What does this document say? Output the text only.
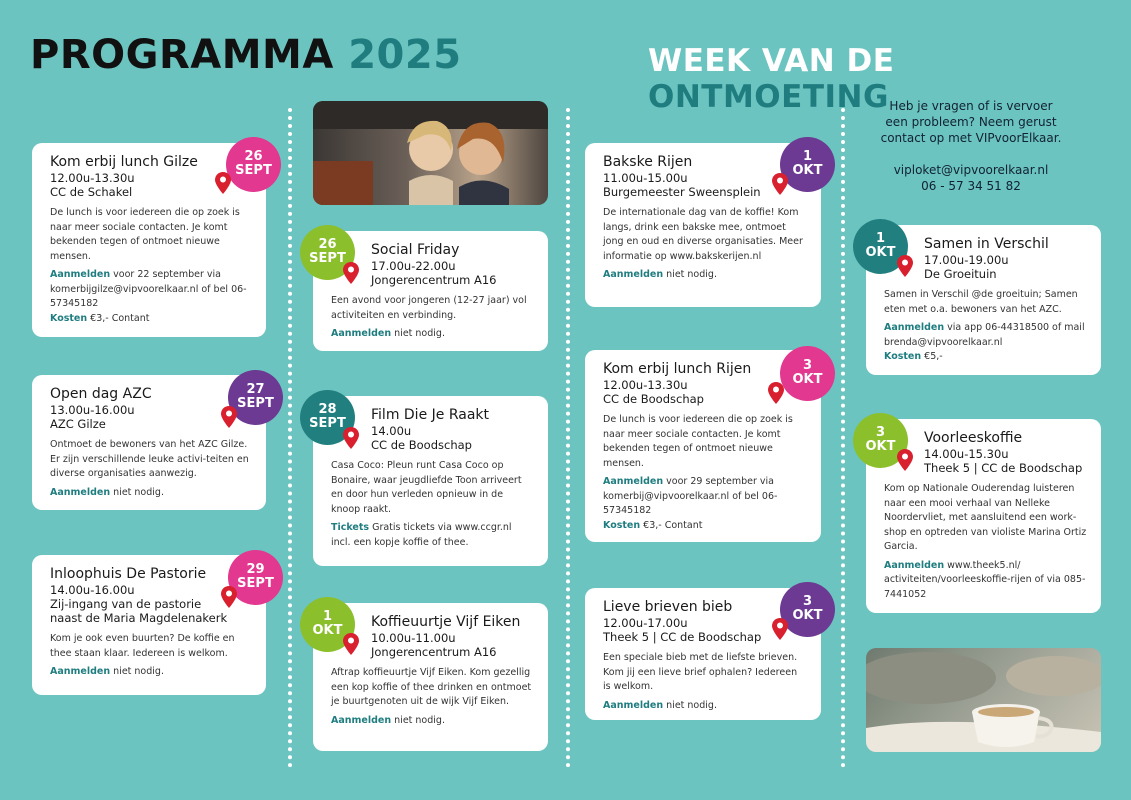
PROGRAMMA 2025	WEEK VAN DE ONTMOETING Heb je vragen of is vervoer
een probleem? Neem gerust
contact op met VIPvoorElkaar.
viploket@vipvoorelkaar.nl
06 - 57 34 51 82
Kom erbij lunch Gilze
12.00u-13.30u
CC de Schakel

De lunch is voor iedereen die op zoek is naar meer sociale contacten. Je komt bekenden tegen of ontmoet nieuwe mensen.

Aanmelden voor 22 september via komerbijgilze@vipvoorelkaar.nl of bel 06-57345182
Kosten €3,- Contant
26
SEPT
Open dag AZC
13.00u-16.00u
AZC Gilze

Ontmoet de bewoners van het AZC Gilze. Er zijn verschillende leuke activi-teiten en diverse organisaties aanwezig.

Aanmelden niet nodig.
27
SEPT
Inloophuis De Pastorie
14.00u-16.00u
Zij-ingang van de pastorie
naast de Maria Magdelenakerk

Kom je ook even buurten? De koffie en thee staan klaar. Iedereen is welkom.

Aanmelden niet nodig.
29
SEPT
Social Friday
17.00u-22.00u
Jongerencentrum A16

Een avond voor jongeren (12-27 jaar) vol activiteiten en verbinding.

Aanmelden niet nodig.
26
SEPT
Film Die Je Raakt
14.00u
CC de Boodschap

Casa Coco: Pleun runt Casa Coco op Bonaire, waar jeugdliefde Toon arriveert en door hun verleden opnieuw in de knoop raakt.

Tickets Gratis tickets via www.ccgr.nl incl. een kopje koffie of thee.
28
SEPT
Koffieuurtje Vijf Eiken
10.00u-11.00u
Jongerencentrum A16

Aftrap koffieuurtje Vijf Eiken. Kom gezellig een kop koffie of thee drinken en ontmoet je buurtgenoten uit de wijk Vijf Eiken.

Aanmelden niet nodig.
1
OKT
Bakske Rijen
11.00u-15.00u
Burgemeester Sweensplein

De internationale dag van de koffie! Kom langs, drink een bakske mee, ontmoet jong en oud en diverse organisaties. Meer informatie op www.bakskerijen.nl

Aanmelden niet nodig.
1
OKT
Kom erbij lunch Rijen
12.00u-13.30u
CC de Boodschap

De lunch is voor iedereen die op zoek is naar meer sociale contacten. Je komt bekenden tegen of ontmoet nieuwe mensen.

Aanmelden voor 29 september via komerbij@vipvoorelkaar.nl of bel 06-57345182
Kosten €3,- Contant
3
OKT
Lieve brieven bieb
12.00u-17.00u
Theek 5 | CC de Boodschap

Een speciale bieb met de liefste brieven. Kom jij een lieve brief ophalen? Iedereen is welkom.

Aanmelden niet nodig.
3
OKT
Samen in Verschil
17.00u-19.00u
De Groeituin

Samen in Verschil @de groeituin; Samen eten met o.a. bewoners van het AZC.

Aanmelden via app 06-44318500 of mail brenda@vipvoorelkaar.nl
Kosten €5,-
1
OKT
Voorleeskoffie
14.00u-15.30u
Theek 5 | CC de Boodschap

Kom op Nationale Ouderendag luisteren naar een mooi verhaal van Nelleke Noordervliet, met aansluitend een work-shop en optreden van violiste Marina Ortiz Garcia.

Aanmelden www.theek5.nl/ activiteiten/voorleeskoffie-rijen of via 085-7441052
3
OKT
